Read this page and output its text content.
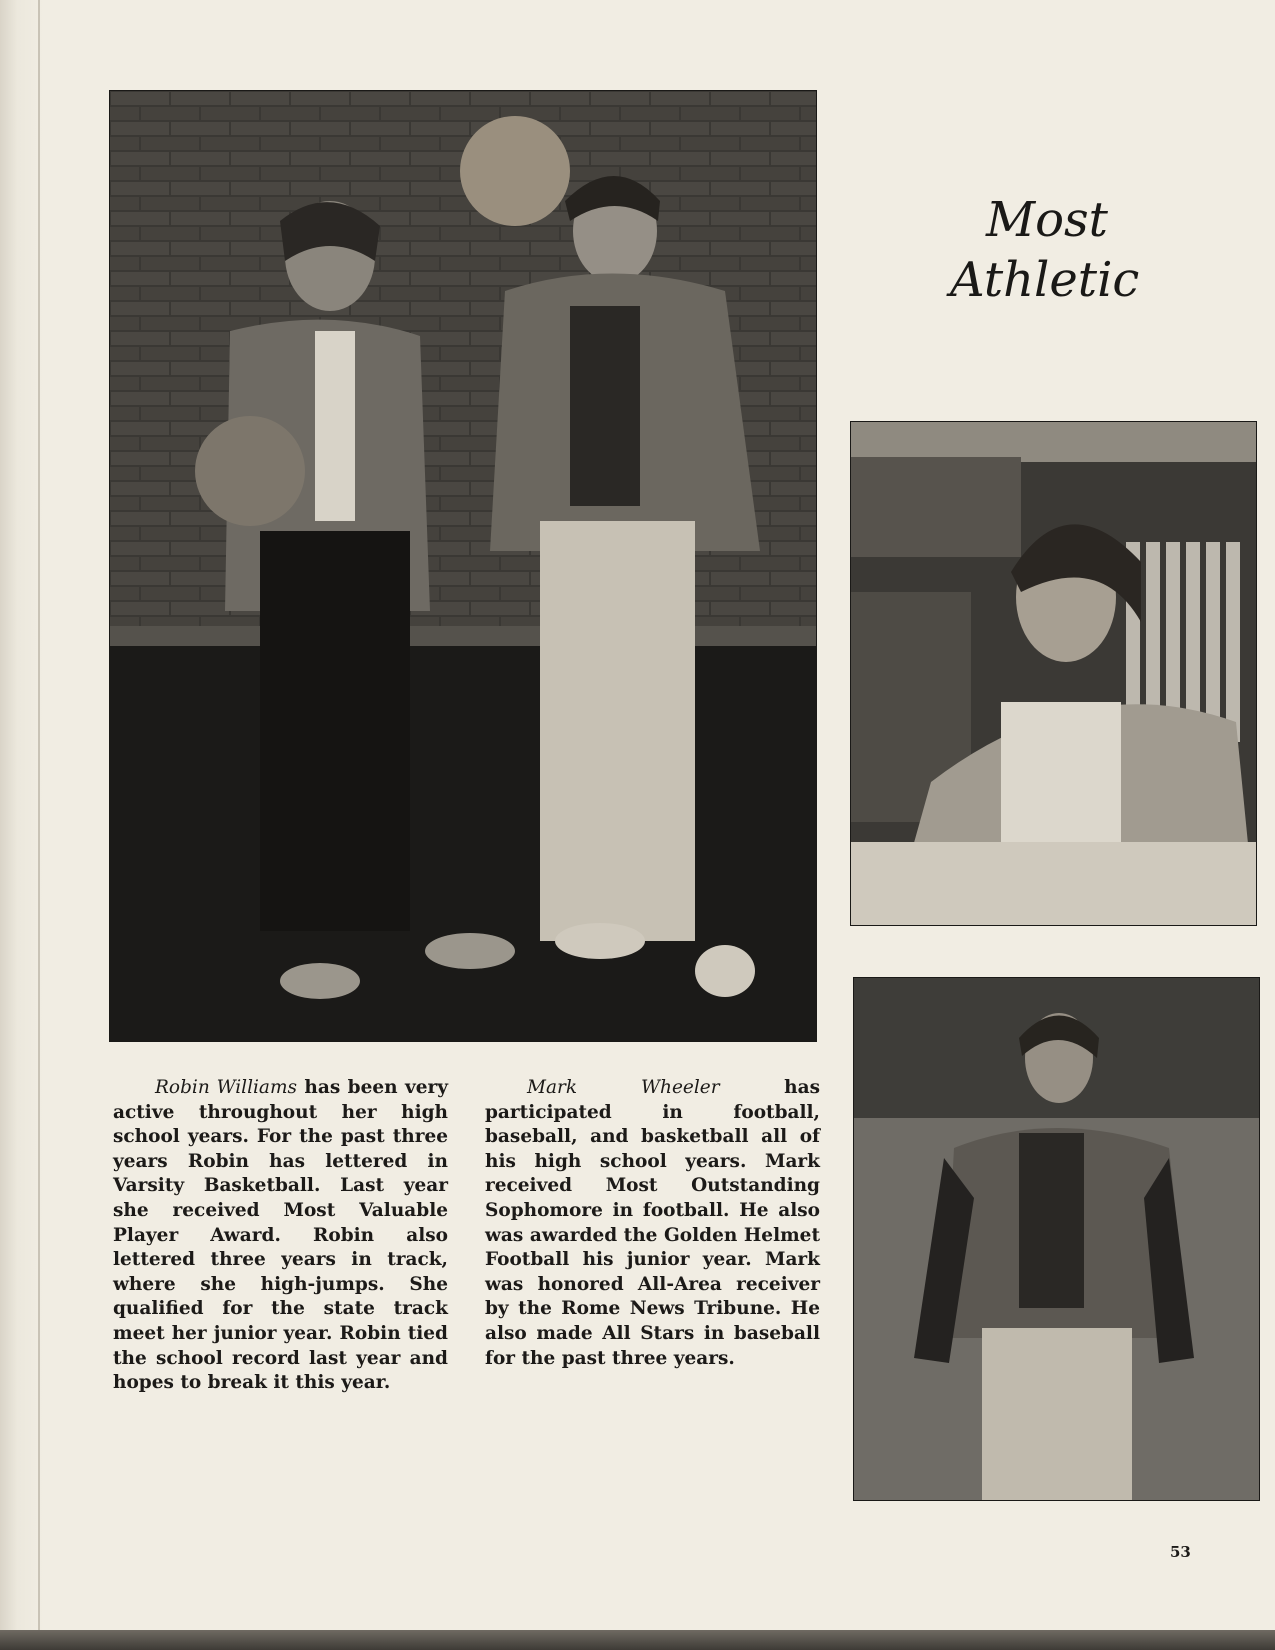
Most
Athletic
Robin Williams has been very active throughout her high school years. For the past three years Robin has lettered in Varsity Basketball. Last year she received Most Valuable Player Award. Robin also lettered three years in track, where she high-jumps. She qualified for the state track meet her junior year. Robin tied the school record last year and hopes to break it this year.
Mark Wheeler has participated in football, baseball, and basketball all of his high school years. Mark received Most Outstanding Sophomore in football. He also was awarded the Golden Helmet Football his junior year. Mark was honored All-Area receiver by the Rome News Tribune. He also made All Stars in baseball for the past three years.
53
